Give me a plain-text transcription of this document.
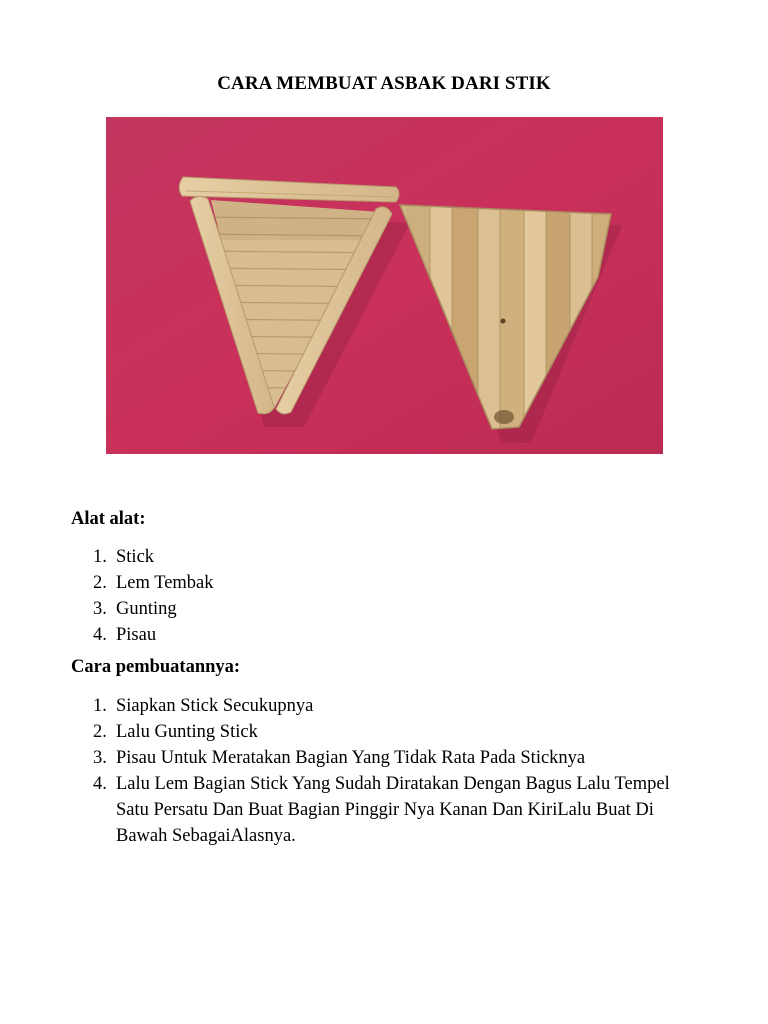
CARA MEMBUAT ASBAK DARI STIK
Alat alat:
1. Stick
2. Lem Tembak
3. Gunting
4. Pisau
Cara pembuatannya:
1. Siapkan Stick Secukupnya
2. Lalu Gunting Stick
3. Pisau Untuk Meratakan Bagian Yang Tidak Rata Pada Sticknya
4. Lalu Lem Bagian Stick Yang Sudah Diratakan Dengan Bagus Lalu Tempel Satu Persatu Dan Buat Bagian Pinggir Nya Kanan Dan KiriLalu Buat Di Bawah SebagaiAlasnya.
